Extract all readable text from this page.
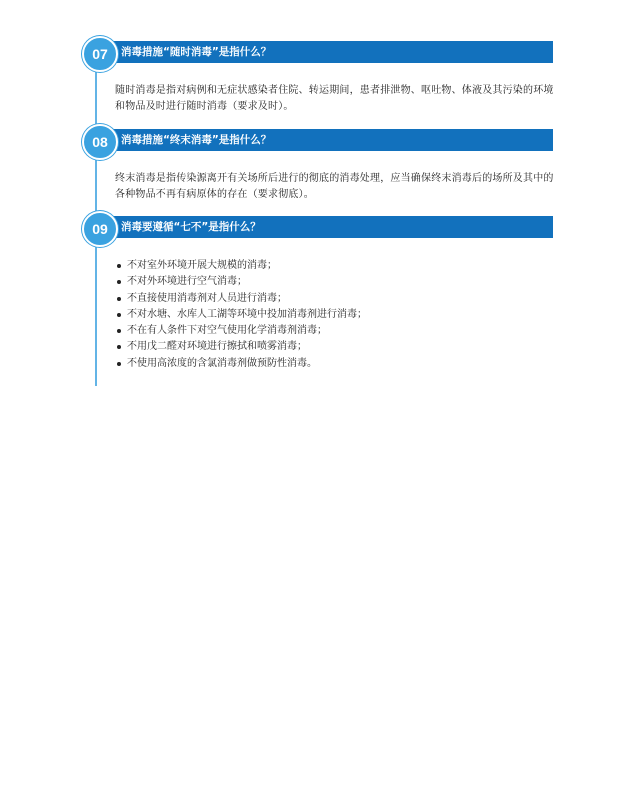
消毒措施“随时消毒”是指什么？
07
随时消毒是指对病例和无症状感染者住院、转运期间，患者排泄物、呕吐物、体液及其污染的环境和物品及时进行随时消毒（要求及时）。
消毒措施“终末消毒”是指什么？
08
终末消毒是指传染源离开有关场所后进行的彻底的消毒处理，应当确保终末消毒后的场所及其中的各种物品不再有病原体的存在（要求彻底）。
消毒要遵循“七不”是指什么？
09
不对室外环境开展大规模的消毒；
不对外环境进行空气消毒；
不直接使用消毒剂对人员进行消毒；
不对水塘、水库人工湖等环境中投加消毒剂进行消毒；
不在有人条件下对空气使用化学消毒剂消毒；
不用戊二醛对环境进行擦拭和喷雾消毒；
不使用高浓度的含氯消毒剂做预防性消毒。
